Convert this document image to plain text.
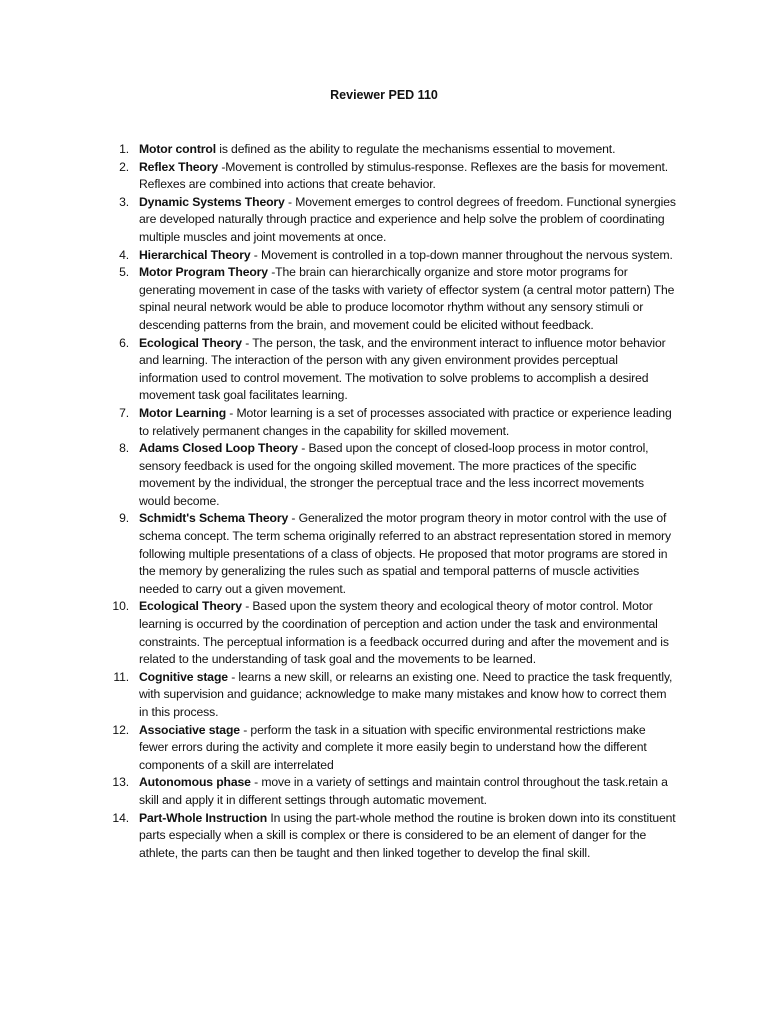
Reviewer PED 110
1. Motor control is defined as the ability to regulate the mechanisms essential to movement.
2. Reflex Theory -Movement is controlled by stimulus-response. Reflexes are the basis for movement. Reflexes are combined into actions that create behavior.
3. Dynamic Systems Theory - Movement emerges to control degrees of freedom. Functional synergies are developed naturally through practice and experience and help solve the problem of coordinating multiple muscles and joint movements at once.
4. Hierarchical Theory - Movement is controlled in a top-down manner throughout the nervous system.
5. Motor Program Theory -The brain can hierarchically organize and store motor programs for generating movement in case of the tasks with variety of effector system (a central motor pattern) The spinal neural network would be able to produce locomotor rhythm without any sensory stimuli or descending patterns from the brain, and movement could be elicited without feedback.
6. Ecological Theory - The person, the task, and the environment interact to influence motor behavior and learning. The interaction of the person with any given environment provides perceptual information used to control movement. The motivation to solve problems to accomplish a desired movement task goal facilitates learning.
7. Motor Learning - Motor learning is a set of processes associated with practice or experience leading to relatively permanent changes in the capability for skilled movement.
8. Adams Closed Loop Theory - Based upon the concept of closed-loop process in motor control, sensory feedback is used for the ongoing skilled movement. The more practices of the specific movement by the individual, the stronger the perceptual trace and the less incorrect movements would become.
9. Schmidt's Schema Theory - Generalized the motor program theory in motor control with the use of schema concept. The term schema originally referred to an abstract representation stored in memory following multiple presentations of a class of objects. He proposed that motor programs are stored in the memory by generalizing the rules such as spatial and temporal patterns of muscle activities needed to carry out a given movement.
10. Ecological Theory - Based upon the system theory and ecological theory of motor control. Motor learning is occurred by the coordination of perception and action under the task and environmental constraints. The perceptual information is a feedback occurred during and after the movement and is related to the understanding of task goal and the movements to be learned.
11. Cognitive stage - learns a new skill, or relearns an existing one. Need to practice the task frequently, with supervision and guidance; acknowledge to make many mistakes and know how to correct them in this process.
12. Associative stage - perform the task in a situation with specific environmental restrictions make fewer errors during the activity and complete it more easily begin to understand how the different components of a skill are interrelated
13. Autonomous phase - move in a variety of settings and maintain control throughout the task.retain a skill and apply it in different settings through automatic movement.
14. Part-Whole Instruction In using the part-whole method the routine is broken down into its constituent parts especially when a skill is complex or there is considered to be an element of danger for the athlete, the parts can then be taught and then linked together to develop the final skill.
